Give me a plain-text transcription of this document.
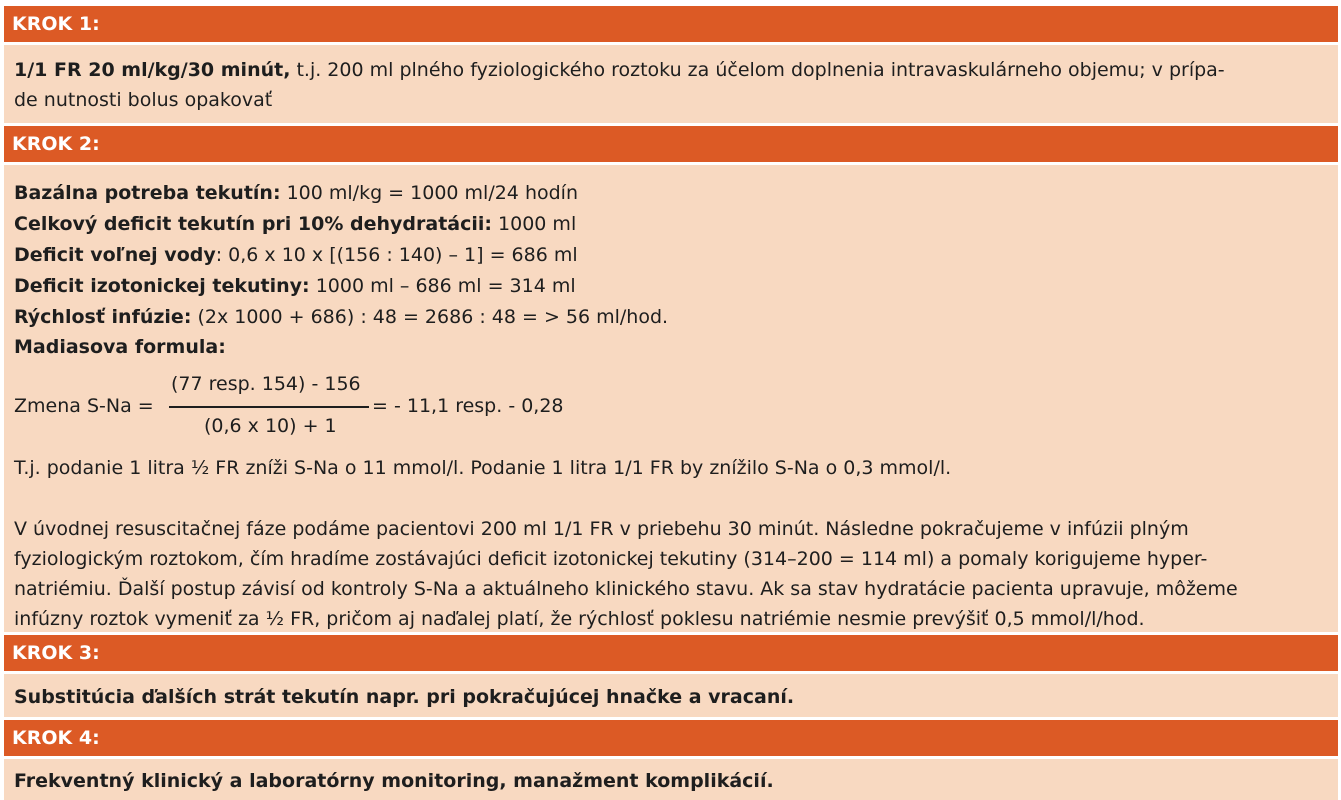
KROK 1:
1/1 FR 20 ml/kg/30 minút, t.j. 200 ml plného fyziologického roztoku za účelom doplnenia intravaskulárneho objemu; v prípa-
de nutnosti bolus opakovať
KROK 2:
Bazálna potreba tekutín: 100 ml/kg = 1000 ml/24 hodín
Celkový deficit tekutín pri 10% dehydratácii: 1000 ml
Deficit voľnej vody: 0,6 x 10 x [(156 : 140) – 1] = 686 ml
Deficit izotonickej tekutiny: 1000 ml – 686 ml = 314 ml
Rýchlosť infúzie: (2x 1000 + 686) : 48 = 2686 : 48 = > 56 ml/hod.
Madiasova formula:
Zmena S-Na =
(77 resp. 154) - 156
(0,6 x 10) + 1
= - 11,1 resp. - 0,28
T.j. podanie 1 litra ½ FR zníži S-Na o 11 mmol/l. Podanie 1 litra 1/1 FR by znížilo S-Na o 0,3 mmol/l.
V úvodnej resuscitačnej fáze podáme pacientovi 200 ml 1/1 FR v priebehu 30 minút. Následne pokračujeme v infúzii plným
fyziologickým roztokom, čím hradíme zostávajúci deficit izotonickej tekutiny (314–200 = 114 ml) a pomaly korigujeme hyper-
natriémiu. Ďalší postup závisí od kontroly S-Na a aktuálneho klinického stavu. Ak sa stav hydratácie pacienta upravuje, môžeme
infúzny roztok vymeniť za ½ FR, pričom aj naďalej platí, že rýchlosť poklesu natriémie nesmie prevýšiť 0,5 mmol/l/hod.
KROK 3:
Substitúcia ďalších strát tekutín napr. pri pokračujúcej hnačke a vracaní.
KROK 4:
Frekventný klinický a laboratórny monitoring, manažment komplikácií.
